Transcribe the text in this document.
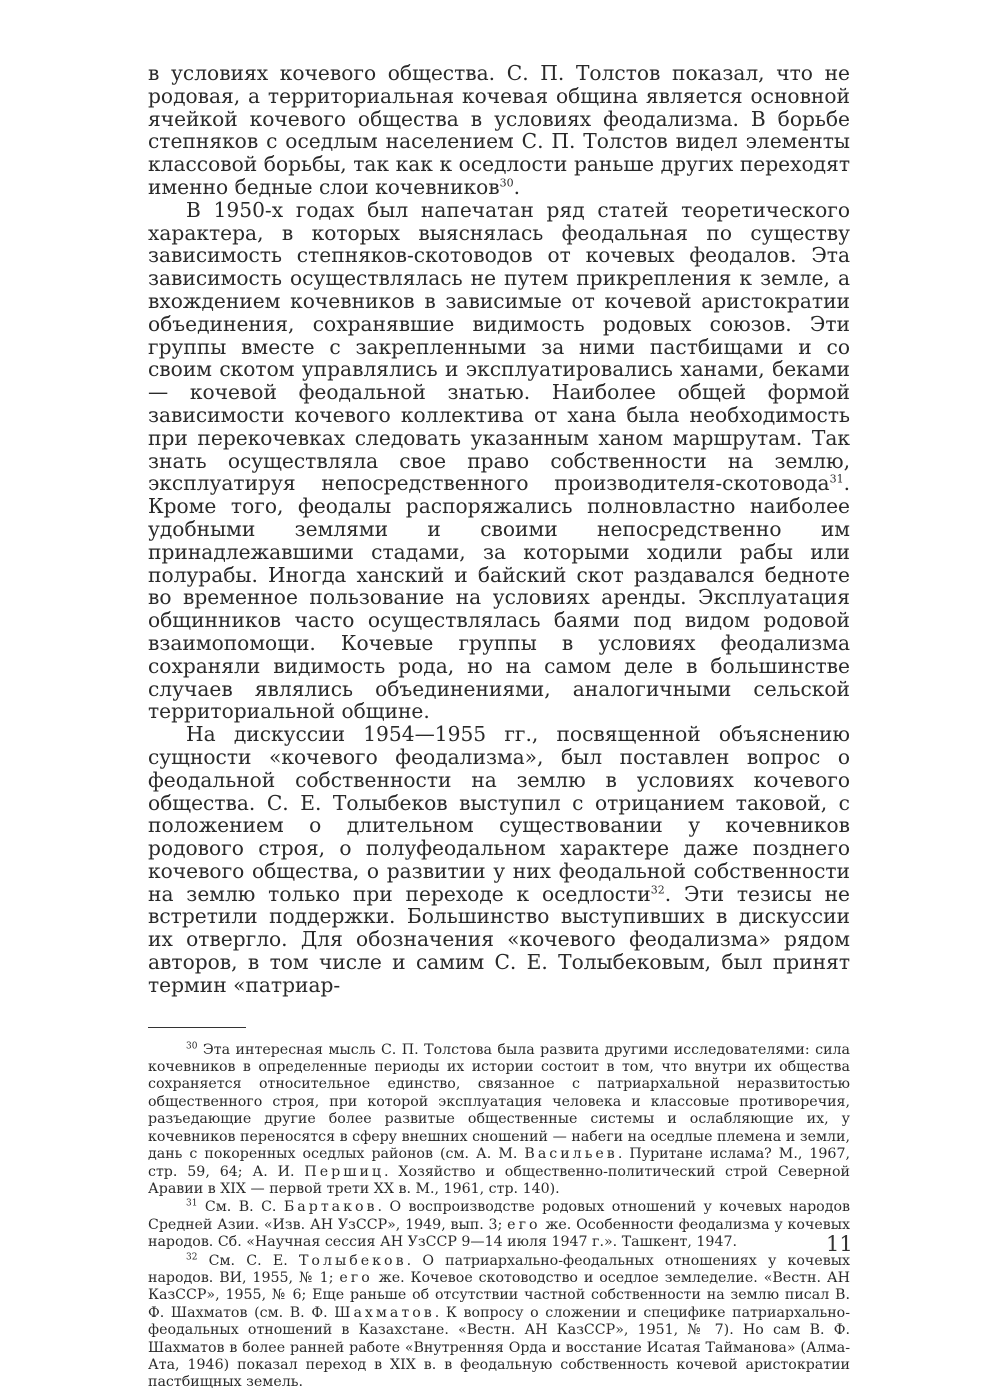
в условиях кочевого общества. С. П. Толстов показал, что не родовая, а территориальная кочевая община является основной ячейкой кочевого общества в условиях феодализма. В борьбе степняков с оседлым населением С. П. Толстов видел элементы классовой борьбы, так как к оседлости раньше других переходят именно бедные слои кочевников$^{30}$.

В 1950-х годах был напечатан ряд статей теоретического характера, в которых выяснялась феодальная по существу зависимость степняков-скотоводов от кочевых феодалов. Эта зависимость осуществлялась не путем прикрепления к земле, а вхождением кочевников в зависимые от кочевой аристократии объединения, сохранявшие видимость родовых союзов. Эти группы вместе с закрепленными за ними пастбищами и со своим скотом управлялись и эксплуатировались ханами, беками — кочевой феодальной знатью. Наиболее общей формой зависимости кочевого коллектива от хана была необходимость при перекочевках следовать указанным ханом маршрутам. Так знать осуществляла свое право собственности на землю, эксплуатируя непосредственного производителя-скотовода$^{31}$. Кроме того, феодалы распоряжались полновластно наиболее удобными землями и своими непосредственно им принадлежавшими стадами, за которыми ходили рабы или полурабы. Иногда ханский и байский скот раздавался бедноте во временное пользование на условиях аренды. Эксплуатация общинников часто осуществлялась баями под видом родовой взаимопомощи. Кочевые группы в условиях феодализма сохраняли видимость рода, но на самом деле в большинстве случаев являлись объединениями, аналогичными сельской территориальной общине.

На дискуссии 1954—1955 гг., посвященной объяснению сущности «кочевого феодализма», был поставлен вопрос о феодальной собственности на землю в условиях кочевого общества. С. Е. Толыбеков выступил с отрицанием таковой, с положением о длительном существовании у кочевников родового строя, о полуфеодальном характере даже позднего кочевого общества, о развитии у них феодальной собственности на землю только при переходе к оседлости$^{32}$. Эти тезисы не встретили поддержки. Большинство выступивших в дискуссии их отвергло. Для обозначения «кочевого феодализма» рядом авторов, в том числе и самим С. Е. Толыбековым, был принят термин «патриар-

$^{30}$ Эта интересная мысль С. П. Толстова была развита другими исследователями: сила кочевников в определенные периоды их истории состоит в том, что внутри их общества сохраняется относительное единство, связанное с патриархальной неразвитостью общественного строя, при которой эксплуатация человека и классовые противоречия, разъедающие другие более развитые общественные системы и ослабляющие их, у кочевников переносятся в сферу внешних сношений — набеги на оседлые племена и земли, дань с покоренных оседлых районов (см. А. М. Васильев. Пуритане ислама? М., 1967, стр. 59, 64; А. И. Першиц. Хозяйство и общественно-политический строй Северной Аравии в XIX — первой трети XX в. М., 1961, стр. 140).

$^{31}$ См. В. С. Бартаков. О воспроизводстве родовых отношений у кочевых народов Средней Азии. «Изв. АН УзССР», 1949, вып. 3; его же. Особенности феодализма у кочевых народов. Сб. «Научная сессия АН УзССР 9—14 июля 1947 г.». Ташкент, 1947.

$^{32}$ См. С. Е. Толыбеков. О патриархально-феодальных отношениях у кочевых народов. ВИ, 1955, № 1; его же. Кочевое скотоводство и оседлое земледелие. «Вестн. АН КазССР», 1955, № 6; Еще раньше об отсутствии частной собственности на землю писал В. Ф. Шахматов (см. В. Ф. Шахматов. К вопросу о сложении и специфике патриархально-феодальных отношений в Казахстане. «Вестн. АН КазССР», 1951, № 7). Но сам В. Ф. Шахматов в более ранней работе «Внутренняя Орда и восстание Исатая Тайманова» (Алма-Ата, 1946) показал переход в XIX в. в феодальную собственность кочевой аристократии пастбищных земель.

11
